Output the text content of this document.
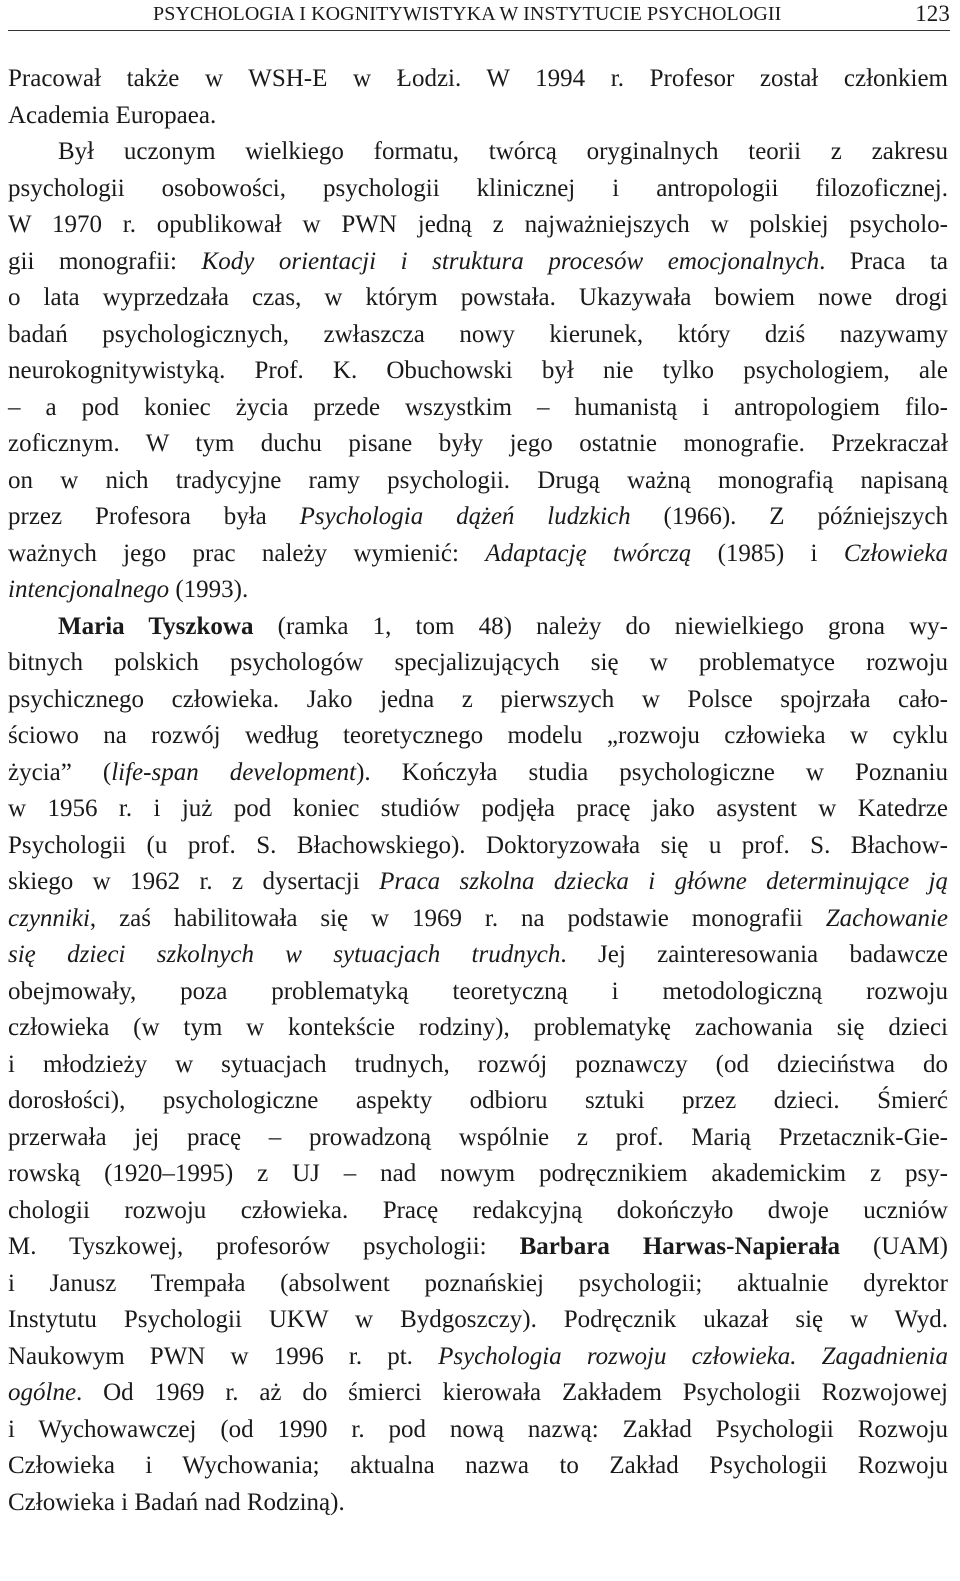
PSYCHOLOGIA I KOGNITYWISTYKA W INSTYTUCIE PSYCHOLOGII	123

Pracował także w WSH-E w Łodzi. W 1994 r. Profesor został członkiem
Academia Europaea.

Był uczonym wielkiego formatu, twórcą oryginalnych teorii z zakresu
psychologii osobowości, psychologii klinicznej i antropologii filozoficznej.
W 1970 r. opublikował w PWN jedną z najważniejszych w polskiej psycholo-
gii monografii: Kody orientacji i struktura procesów emocjonalnych. Praca ta
o lata wyprzedzała czas, w którym powstała. Ukazywała bowiem nowe drogi
badań psychologicznych, zwłaszcza nowy kierunek, który dziś nazywamy
neurokognitywistyką. Prof. K. Obuchowski był nie tylko psychologiem, ale
– a pod koniec życia przede wszystkim – humanistą i antropologiem filo-
zoficznym. W tym duchu pisane były jego ostatnie monografie. Przekraczał
on w nich tradycyjne ramy psychologii. Drugą ważną monografią napisaną
przez Profesora była Psychologia dążeń ludzkich (1966). Z późniejszych
ważnych jego prac należy wymienić: Adaptację twórczą (1985) i Człowieka
intencjonalnego (1993).

Maria Tyszkowa (ramka 1, tom 48) należy do niewielkiego grona wy-
bitnych polskich psychologów specjalizujących się w problematyce rozwoju
psychicznego człowieka. Jako jedna z pierwszych w Polsce spojrzała cało-
ściowo na rozwój według teoretycznego modelu „rozwoju człowieka w cyklu
życia” (life-span development). Kończyła studia psychologiczne w Poznaniu
w 1956 r. i już pod koniec studiów podjęła pracę jako asystent w Katedrze
Psychologii (u prof. S. Błachowskiego). Doktoryzowała się u prof. S. Błachow-
skiego w 1962 r. z dysertacji Praca szkolna dziecka i główne determinujące ją
czynniki, zaś habilitowała się w 1969 r. na podstawie monografii Zachowanie
się dzieci szkolnych w sytuacjach trudnych. Jej zainteresowania badawcze
obejmowały, poza problematyką teoretyczną i metodologiczną rozwoju
człowieka (w tym w kontekście rodziny), problematykę zachowania się dzieci
i młodzieży w sytuacjach trudnych, rozwój poznawczy (od dzieciństwa do
dorosłości), psychologiczne aspekty odbioru sztuki przez dzieci. Śmierć
przerwała jej pracę – prowadzoną wspólnie z prof. Marią Przetacznik-Gie-
rowską (1920–1995) z UJ – nad nowym podręcznikiem akademickim z psy-
chologii rozwoju człowieka. Pracę redakcyjną dokończyło dwoje uczniów
M. Tyszkowej, profesorów psychologii: Barbara Harwas-Napierała (UAM)
i Janusz Trempała (absolwent poznańskiej psychologii; aktualnie dyrektor
Instytutu Psychologii UKW w Bydgoszczy). Podręcznik ukazał się w Wyd.
Naukowym PWN w 1996 r. pt. Psychologia rozwoju człowieka. Zagadnienia
ogólne. Od 1969 r. aż do śmierci kierowała Zakładem Psychologii Rozwojowej
i Wychowawczej (od 1990 r. pod nową nazwą: Zakład Psychologii Rozwoju
Człowieka i Wychowania; aktualna nazwa to Zakład Psychologii Rozwoju
Człowieka i Badań nad Rodziną).
